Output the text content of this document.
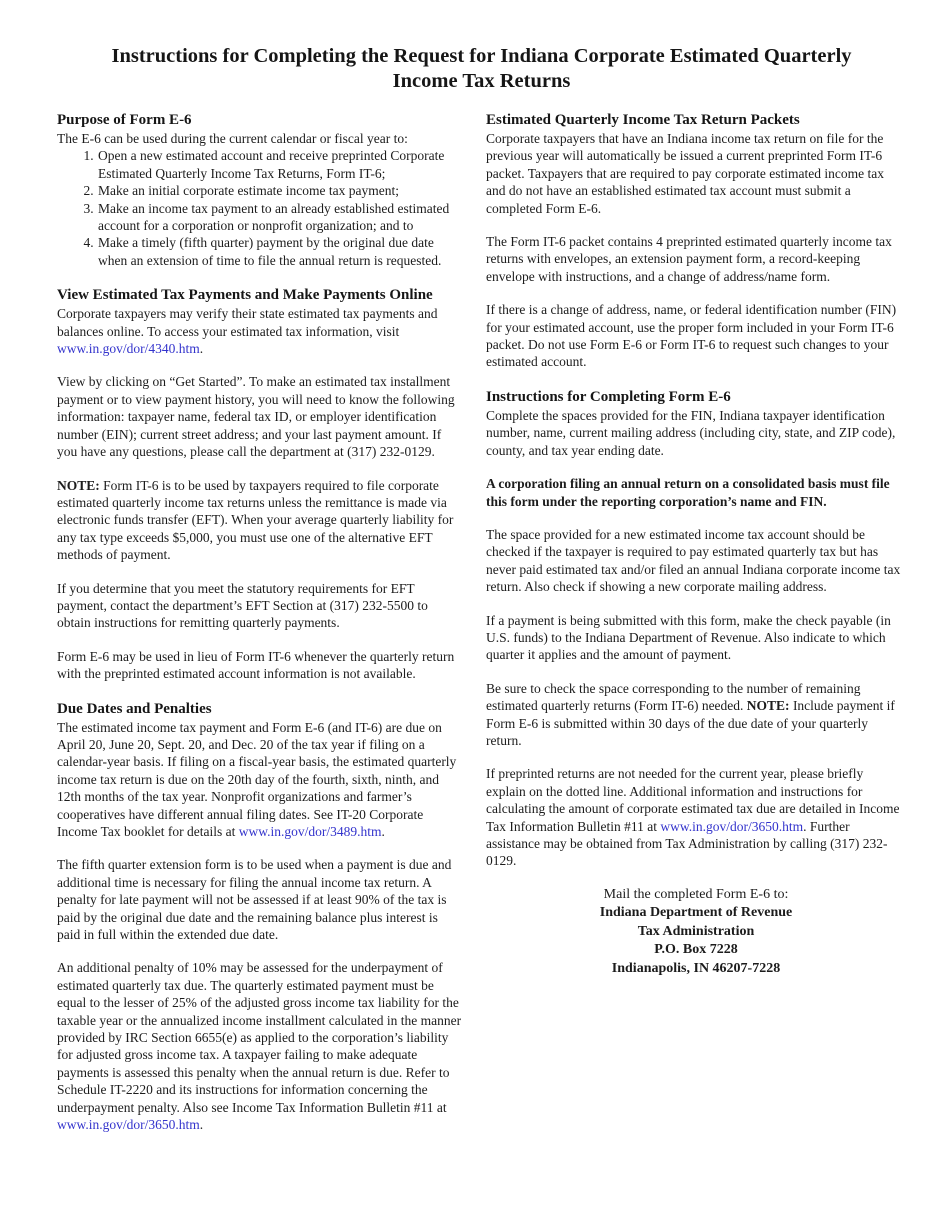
Instructions for Completing the Request for Indiana Corporate Estimated Quarterly
Income Tax Returns
Purpose of Form E-6

The E-6 can be used during the current calendar or fiscal year to:

1. Open a new estimated account and receive preprinted Corporate Estimated Quarterly Income Tax Returns, Form IT-6;
2. Make an initial corporate estimate income tax payment;
3. Make an income tax payment to an already established estimated account for a corporation or nonprofit organization; and to
4. Make a timely (fifth quarter) payment by the original due date when an extension of time to file the annual return is requested.
View Estimated Tax Payments and Make Payments Online

Corporate taxpayers may verify their state estimated tax payments and balances online. To access your estimated tax information, visit www.in.gov/dor/4340.htm.

View by clicking on “Get Started”. To make an estimated tax installment payment or to view payment history, you will need to know the following information: taxpayer name, federal tax ID, or employer identification number (EIN); current street address; and your last payment amount. If you have any questions, please call the department at (317) 232-0129.

NOTE: Form IT-6 is to be used by taxpayers required to file corporate estimated quarterly income tax returns unless the remittance is made via electronic funds transfer (EFT). When your average quarterly liability for any tax type exceeds $5,000, you must use one of the alternative EFT methods of payment.

If you determine that you meet the statutory requirements for EFT payment, contact the department’s EFT Section at (317) 232-5500 to obtain instructions for remitting quarterly payments.

Form E-6 may be used in lieu of Form IT-6 whenever the quarterly return with the preprinted estimated account information is not available.

Due Dates and Penalties

The estimated income tax payment and Form E-6 (and IT-6) are due on April 20, June 20, Sept. 20, and Dec. 20 of the tax year if filing on a calendar-year basis. If filing on a fiscal-year basis, the estimated quarterly income tax return is due on the 20th day of the fourth, sixth, ninth, and 12th months of the tax year. Nonprofit organizations and farmer’s cooperatives have different annual filing dates. See IT-20 Corporate Income Tax booklet for details at www.in.gov/dor/3489.htm.

The fifth quarter extension form is to be used when a payment is due and additional time is necessary for filing the annual income tax return. A penalty for late payment will not be assessed if at least 90% of the tax is paid by the original due date and the remaining balance plus interest is paid in full within the extended due date.

An additional penalty of 10% may be assessed for the underpayment of estimated quarterly tax due. The quarterly estimated payment must be equal to the lesser of 25% of the adjusted gross income tax liability for the taxable year or the annualized income installment calculated in the manner provided by IRC Section 6655(e) as applied to the corporation’s liability for adjusted gross income tax. A taxpayer failing to make adequate payments is assessed this penalty when the annual return is due. Refer to Schedule IT-2220 and its instructions for information concerning the underpayment penalty. Also see Income Tax Information Bulletin #11 at www.in.gov/dor/3650.htm.

Estimated Quarterly Income Tax Return Packets

Corporate taxpayers that have an Indiana income tax return on file for the previous year will automatically be issued a current preprinted Form IT-6 packet. Taxpayers that are required to pay corporate estimated income tax and do not have an established estimated tax account must submit a completed Form E-6.

The Form IT-6 packet contains 4 preprinted estimated quarterly income tax returns with envelopes, an extension payment form, a record-keeping envelope with instructions, and a change of address/name form.

If there is a change of address, name, or federal identification number (FIN) for your estimated account, use the proper form included in your Form IT-6 packet. Do not use Form E-6 or Form IT-6 to request such changes to your estimated account.

Instructions for Completing Form E-6

Complete the spaces provided for the FIN, Indiana taxpayer identification number, name, current mailing address (including city, state, and ZIP code), county, and tax year ending date.

A corporation filing an annual return on a consolidated basis must file this form under the reporting corporation’s name and FIN.

The space provided for a new estimated income tax account should be checked if the taxpayer is required to pay estimated quarterly tax but has never paid estimated tax and/or filed an annual Indiana corporate income tax return. Also check if showing a new corporate mailing address.

If a payment is being submitted with this form, make the check payable (in U.S. funds) to the Indiana Department of Revenue. Also indicate to which quarter it applies and the amount of payment.

Be sure to check the space corresponding to the number of remaining estimated quarterly returns (Form IT-6) needed. NOTE: Include payment if Form E-6 is submitted within 30 days of the due date of your quarterly return.

If preprinted returns are not needed for the current year, please briefly explain on the dotted line. Additional information and instructions for calculating the amount of corporate estimated tax due are detailed in Income Tax Information Bulletin #11 at www.in.gov/dor/3650.htm. Further assistance may be obtained from Tax Administration by calling (317) 232-0129.

Mail the completed Form E-6 to:
Indiana Department of Revenue
Tax Administration
P.O. Box 7228
Indianapolis, IN 46207-7228
